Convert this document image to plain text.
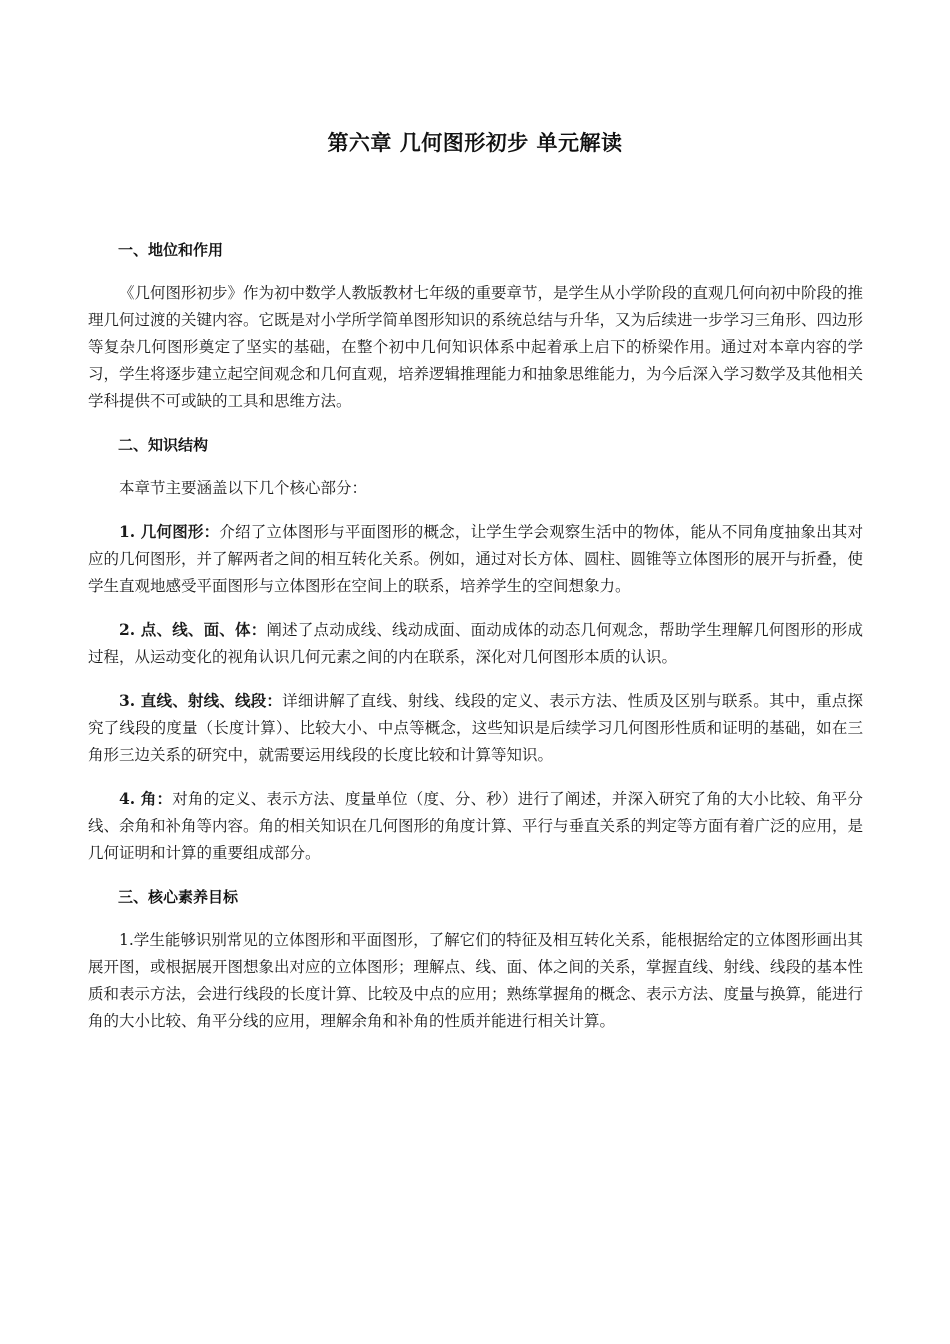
第六章 几何图形初步 单元解读
一、地位和作用

《几何图形初步》作为初中数学人教版教材七年级的重要章节，是学生从小学阶段的直观几何向初中阶段的推理几何过渡的关键内容。它既是对小学所学简单图形知识的系统总结与升华，又为后续进一步学习三角形、四边形等复杂几何图形奠定了坚实的基础，在整个初中几何知识体系中起着承上启下的桥梁作用。通过对本章内容的学习，学生将逐步建立起空间观念和几何直观，培养逻辑推理能力和抽象思维能力，为今后深入学习数学及其他相关学科提供不可或缺的工具和思维方法。

二、知识结构

本章节主要涵盖以下几个核心部分：

1. 几何图形：介绍了立体图形与平面图形的概念，让学生学会观察生活中的物体，能从不同角度抽象出其对应的几何图形，并了解两者之间的相互转化关系。例如，通过对长方体、圆柱、圆锥等立体图形的展开与折叠，使学生直观地感受平面图形与立体图形在空间上的联系，培养学生的空间想象力。

2. 点、线、面、体：阐述了点动成线、线动成面、面动成体的动态几何观念，帮助学生理解几何图形的形成过程，从运动变化的视角认识几何元素之间的内在联系，深化对几何图形本质的认识。

3. 直线、射线、线段：详细讲解了直线、射线、线段的定义、表示方法、性质及区别与联系。其中，重点探究了线段的度量（长度计算）、比较大小、中点等概念，这些知识是后续学习几何图形性质和证明的基础，如在三角形三边关系的研究中，就需要运用线段的长度比较和计算等知识。

4. 角：对角的定义、表示方法、度量单位（度、分、秒）进行了阐述，并深入研究了角的大小比较、角平分线、余角和补角等内容。角的相关知识在几何图形的角度计算、平行与垂直关系的判定等方面有着广泛的应用，是几何证明和计算的重要组成部分。

三、核心素养目标

1.学生能够识别常见的立体图形和平面图形，了解它们的特征及相互转化关系，能根据给定的立体图形画出其展开图，或根据展开图想象出对应的立体图形；理解点、线、面、体之间的关系，掌握直线、射线、线段的基本性质和表示方法，会进行线段的长度计算、比较及中点的应用；熟练掌握角的概念、表示方法、度量与换算，能进行角的大小比较、角平分线的应用，理解余角和补角的性质并能进行相关计算。
